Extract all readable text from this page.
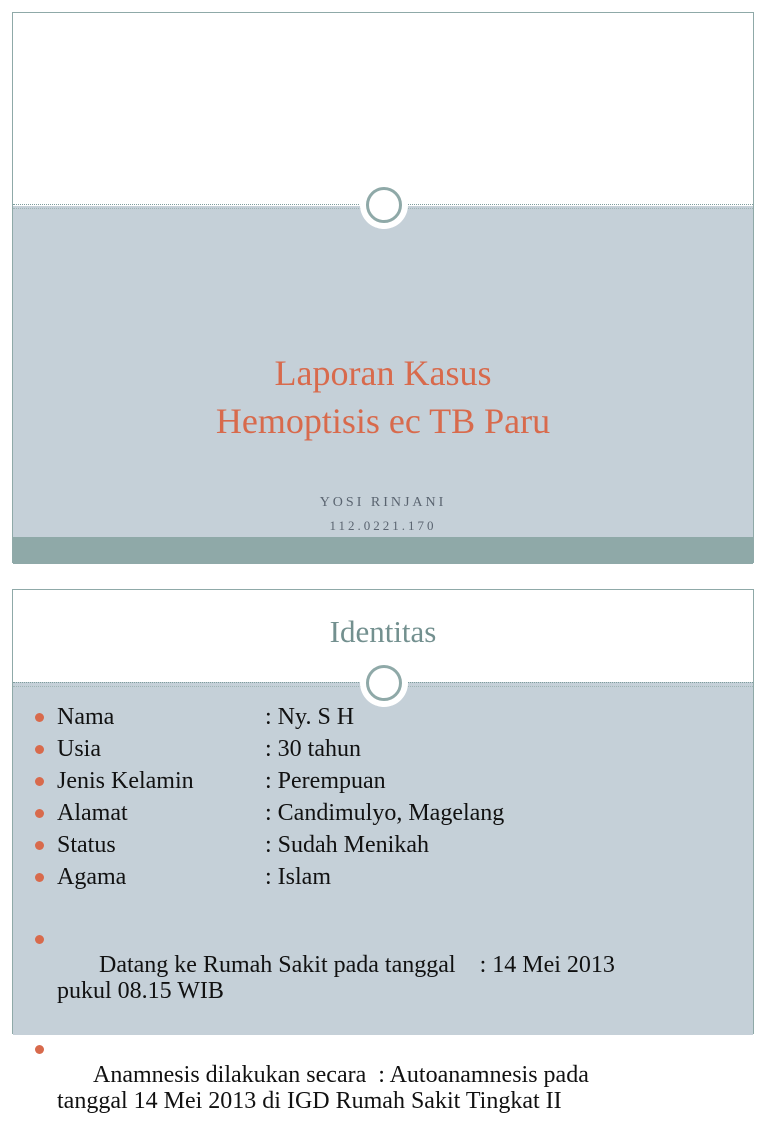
Laporan Kasus
Hemoptisis ec TB Paru
YOSI RINJANI
112.0221.170
Identitas
Nama	: Ny. S H
Usia	: 30 tahun
Jenis Kelamin	: Perempuan
Alamat	: Candimulyo, Magelang
Status	: Sudah Menikah
Agama	: Islam

Datang ke Rumah Sakit pada tanggal    : 14 Mei 2013
pukul 08.15 WIB

Anamnesis dilakukan secara  : Autoanamnesis pada
tanggal 14 Mei 2013 di IGD Rumah Sakit Tingkat II
